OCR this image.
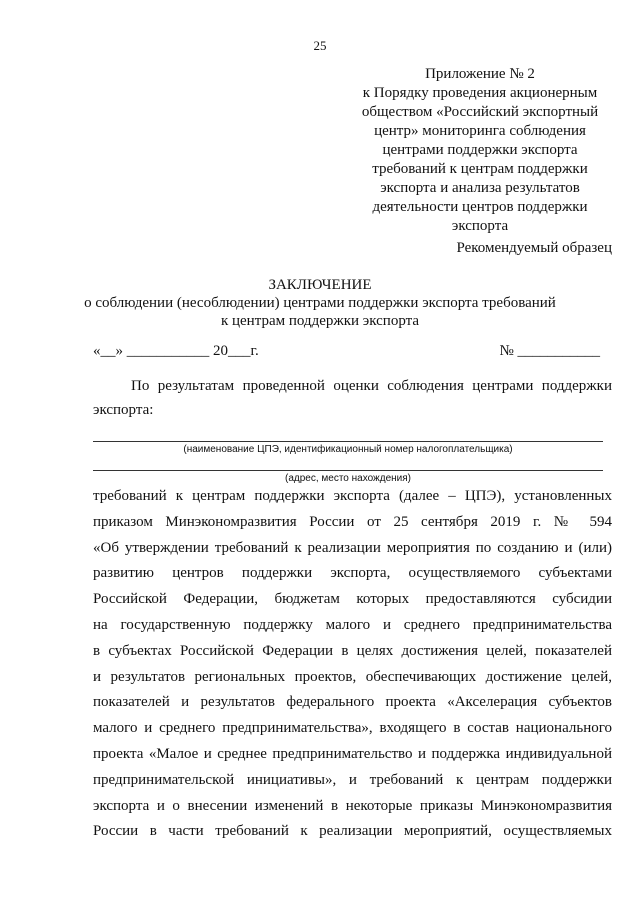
25
Приложение № 2
к Порядку проведения акционерным
обществом «Российский экспортный
центр» мониторинга соблюдения
центрами поддержки экспорта
требований к центрам поддержки
экспорта и анализа результатов
деятельности центров поддержки
экспорта
Рекомендуемый образец
ЗАКЛЮЧЕНИЕ
о соблюдении (несоблюдении) центрами поддержки экспорта требований
к центрам поддержки экспорта
«__» ___________ 20___г.	№ ___________
По результатам проведенной оценки соблюдения центрами поддержки экспорта:
(наименование ЦПЭ, идентификационный номер налогоплательщика)
(адрес, место нахождения)
требований к центрам поддержки экспорта (далее – ЦПЭ), установленных
приказом Минэкономразвития России от 25 сентября 2019 г. № 594
«Об утверждении требований к реализации мероприятия по созданию и (или)
развитию центров поддержки экспорта, осуществляемого субъектами
Российской Федерации, бюджетам которых предоставляются субсидии
на государственную поддержку малого и среднего предпринимательства
в субъектах Российской Федерации в целях достижения целей, показателей
и результатов региональных проектов, обеспечивающих достижение целей,
показателей и результатов федерального проекта «Акселерация субъектов
малого и среднего предпринимательства», входящего в состав национального
проекта «Малое и среднее предпринимательство и поддержка индивидуальной
предпринимательской инициативы», и требований к центрам поддержки
экспорта и о внесении изменений в некоторые приказы Минэкономразвития
России в части требований к реализации мероприятий, осуществляемых
